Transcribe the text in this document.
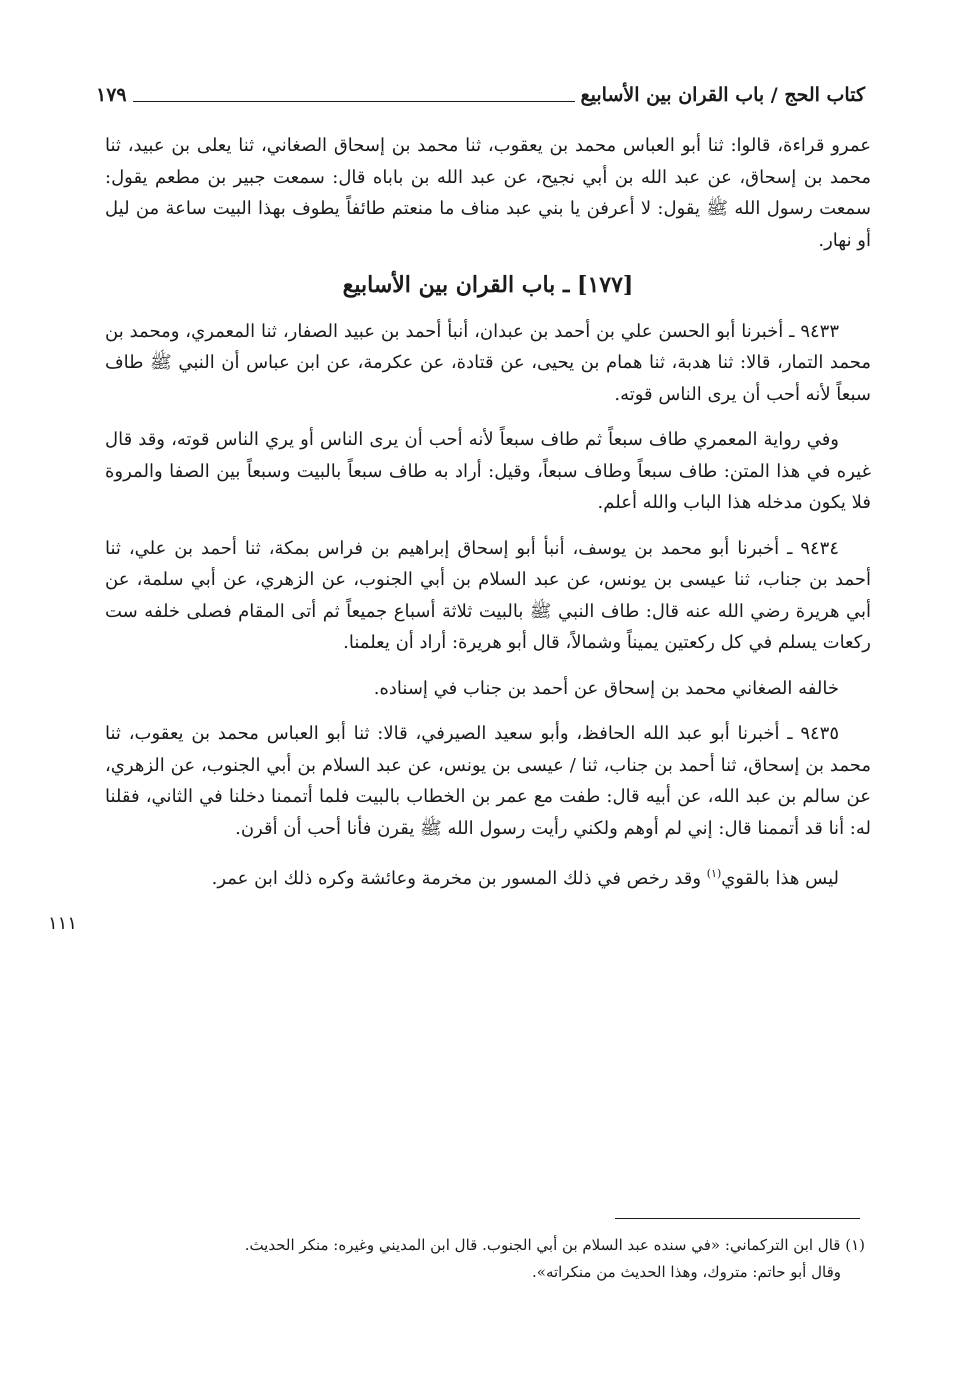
كتاب الحج / باب القران بين الأسابيع
١٧٩

عمرو قراءة، قالوا: ثنا أبو العباس محمد بن يعقوب، ثنا محمد بن إسحاق الصغاني، ثنا يعلى بن عبيد، ثنا محمد بن إسحاق، عن عبد الله بن أبي نجيح، عن عبد الله بن باباه قال: سمعت جبير بن مطعم يقول: سمعت رسول الله ﷺ يقول: لا أعرفن يا بني عبد مناف ما منعتم طائفاً يطوف بهذا البيت ساعة من ليل أو نهار.

[١٧٧] ـ باب القران بين الأسابيع

٩٤٣٣ ـ أخبرنا أبو الحسن علي بن أحمد بن عبدان، أنبأ أحمد بن عبيد الصفار، ثنا المعمري، ومحمد بن محمد التمار، قالا: ثنا هدبة، ثنا همام بن يحيى، عن قتادة، عن عكرمة، عن ابن عباس أن النبي ﷺ طاف سبعاً لأنه أحب أن يرى الناس قوته.

وفي رواية المعمري طاف سبعاً ثم طاف سبعاً لأنه أحب أن يرى الناس أو يري الناس قوته، وقد قال غيره في هذا المتن: طاف سبعاً وطاف سبعاً، وقيل: أراد به طاف سبعاً بالبيت وسبعاً بين الصفا والمروة فلا يكون مدخله هذا الباب والله أعلم.

٩٤٣٤ ـ أخبرنا أبو محمد بن يوسف، أنبأ أبو إسحاق إبراهيم بن فراس بمكة، ثنا أحمد بن علي، ثنا أحمد بن جناب، ثنا عيسى بن يونس، عن عبد السلام بن أبي الجنوب، عن الزهري، عن أبي سلمة، عن أبي هريرة رضي الله عنه قال: طاف النبي ﷺ بالبيت ثلاثة أسباع جميعاً ثم أتى المقام فصلى خلفه ست ركعات يسلم في كل ركعتين يميناً وشمالاً، قال أبو هريرة: أراد أن يعلمنا.

خالفه الصغاني محمد بن إسحاق عن أحمد بن جناب في إسناده.

٩٤٣٥ ـ أخبرنا أبو عبد الله الحافظ، وأبو سعيد الصيرفي، قالا: ثنا أبو العباس محمد بن يعقوب، ثنا محمد بن إسحاق، ثنا أحمد بن جناب، ثنا / عيسى بن يونس، عن عبد السلام بن أبي الجنوب، عن الزهري، عن سالم بن عبد الله، عن أبيه قال: طفت مع عمر بن الخطاب بالبيت فلما أتممنا دخلنا في الثاني، فقلنا له: أنا قد أتممنا قال: إني لم أوهم ولكني رأيت رسول الله ﷺ يقرن فأنا أحب أن أقرن.

ليس هذا بالقوي$^{(١)}$ وقد رخص في ذلك المسور بن مخرمة وعائشة وكره ذلك ابن عمر.

١١١

(١) قال ابن التركماني: «في سنده عبد السلام بن أبي الجنوب. قال ابن المديني وغيره: منكر الحديث.

وقال أبو حاتم: متروك، وهذا الحديث من منكراته».
